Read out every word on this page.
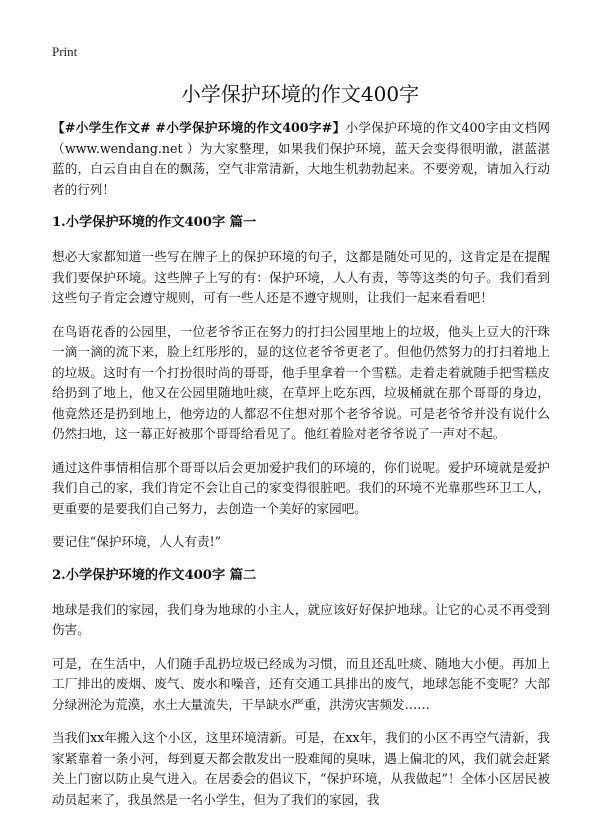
Print
小学保护环境的作文400字

【#小学生作文# #小学保护环境的作文400字#】小学保护环境的作文400字由文档网（www.wendang.net ）为大家整理，如果我们保护环境，蓝天会变得很明澈，湛蓝湛蓝的，白云自由自在的飘荡，空气非常清新，大地生机勃勃起来。不要旁观，请加入行动者的行列！

1.小学保护环境的作文400字 篇一

想必大家都知道一些写在牌子上的保护环境的句子，这都是随处可见的，这肯定是在提醒我们要保护环境。这些牌子上写的有：保护环境，人人有责，等等这类的句子。我们看到这些句子肯定会遵守规则，可有一些人还是不遵守规则，让我们一起来看看吧！

在鸟语花香的公园里，一位老爷爷正在努力的打扫公园里地上的垃圾，他头上豆大的汗珠一滴一滴的流下来，脸上红彤彤的，显的这位老爷爷更老了。但他仍然努力的打扫着地上的垃圾。这时有一个打扮很时尚的哥哥，他手里拿着一个雪糕。走着走着就随手把雪糕皮给扔到了地上，他又在公园里随地吐痰，在草坪上吃东西，垃圾桶就在那个哥哥的身边，他竟然还是扔到地上，他旁边的人都忍不住想对那个老爷爷说。可是老爷爷并没有说什么仍然扫地，这一幕正好被那个哥哥给看见了。他红着脸对老爷爷说了一声对不起。

通过这件事情相信那个哥哥以后会更加爱护我们的环境的，你们说呢。爱护环境就是爱护我们自己的家，我们肯定不会让自己的家变得很脏吧。我们的环境不光靠那些环卫工人，更重要的是要我们自己努力，去创造一个美好的家园吧。

要记住“保护环境，人人有责!”

2.小学保护环境的作文400字 篇二

地球是我们的家园，我们身为地球的小主人，就应该好好保护地球。让它的心灵不再受到伤害。

可是，在生活中，人们随手乱扔垃圾已经成为习惯，而且还乱吐痰、随地大小便。再加上工厂排出的废烟、废气、废水和噪音，还有交通工具排出的废气，地球怎能不变呢？大部分绿洲沦为荒漠，水土大量流失，干旱缺水严重，洪涝灾害频发……

当我们xx年搬入这个小区，这里环境清新。可是，在xx年，我们的小区不再空气清新，我家紧靠着一条小河，每到夏天都会散发出一股难闻的臭味，遇上偏北的风，我们就会赶紧关上门窗以防止臭气进入。在居委会的倡议下，“保护环境，从我做起”！全体小区居民被动员起来了，我虽然是一名小学生，但为了我们的家园，我
